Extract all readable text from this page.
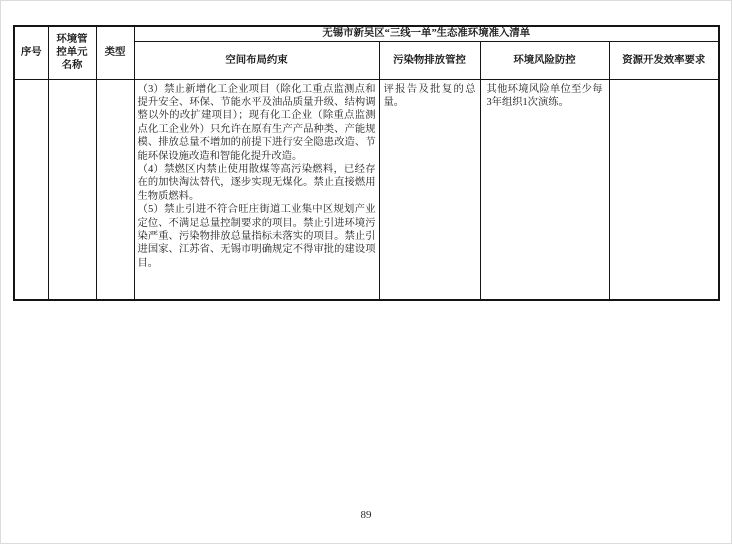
序号	环境管控单元名称	类型	无锡市新吴区“三线一单”生态准环境准入清单			
			空间布局约束	污染物排放管控	环境风险防控	资源开发效率要求

			（3）禁止新增化工企业项目（除化工重点监测点和提升安全、环保、节能水平及油品质量升级、结构调整以外的改扩建项目）；现有化工企业（除重点监测点化工企业外）只允许在原有生产产品种类、产能规模、排放总量不增加的前提下进行安全隐患改造、节能环保设施改造和智能化提升改造。

（4）禁燃区内禁止使用散煤等高污染燃料，已经存在的加快淘汰替代，逐步实现无煤化。禁止直接燃用生物质燃料。

（5）禁止引进不符合旺庄街道工业集中区规划产业定位、不满足总量控制要求的项目。禁止引进环境污染严重、污染物排放总量指标未落实的项目。禁止引进国家、江苏省、无锡市明确规定不得审批的建设项目。	评报告及批复的总量。	其他环境风险单位至少每3年组织1次演练。	
89
